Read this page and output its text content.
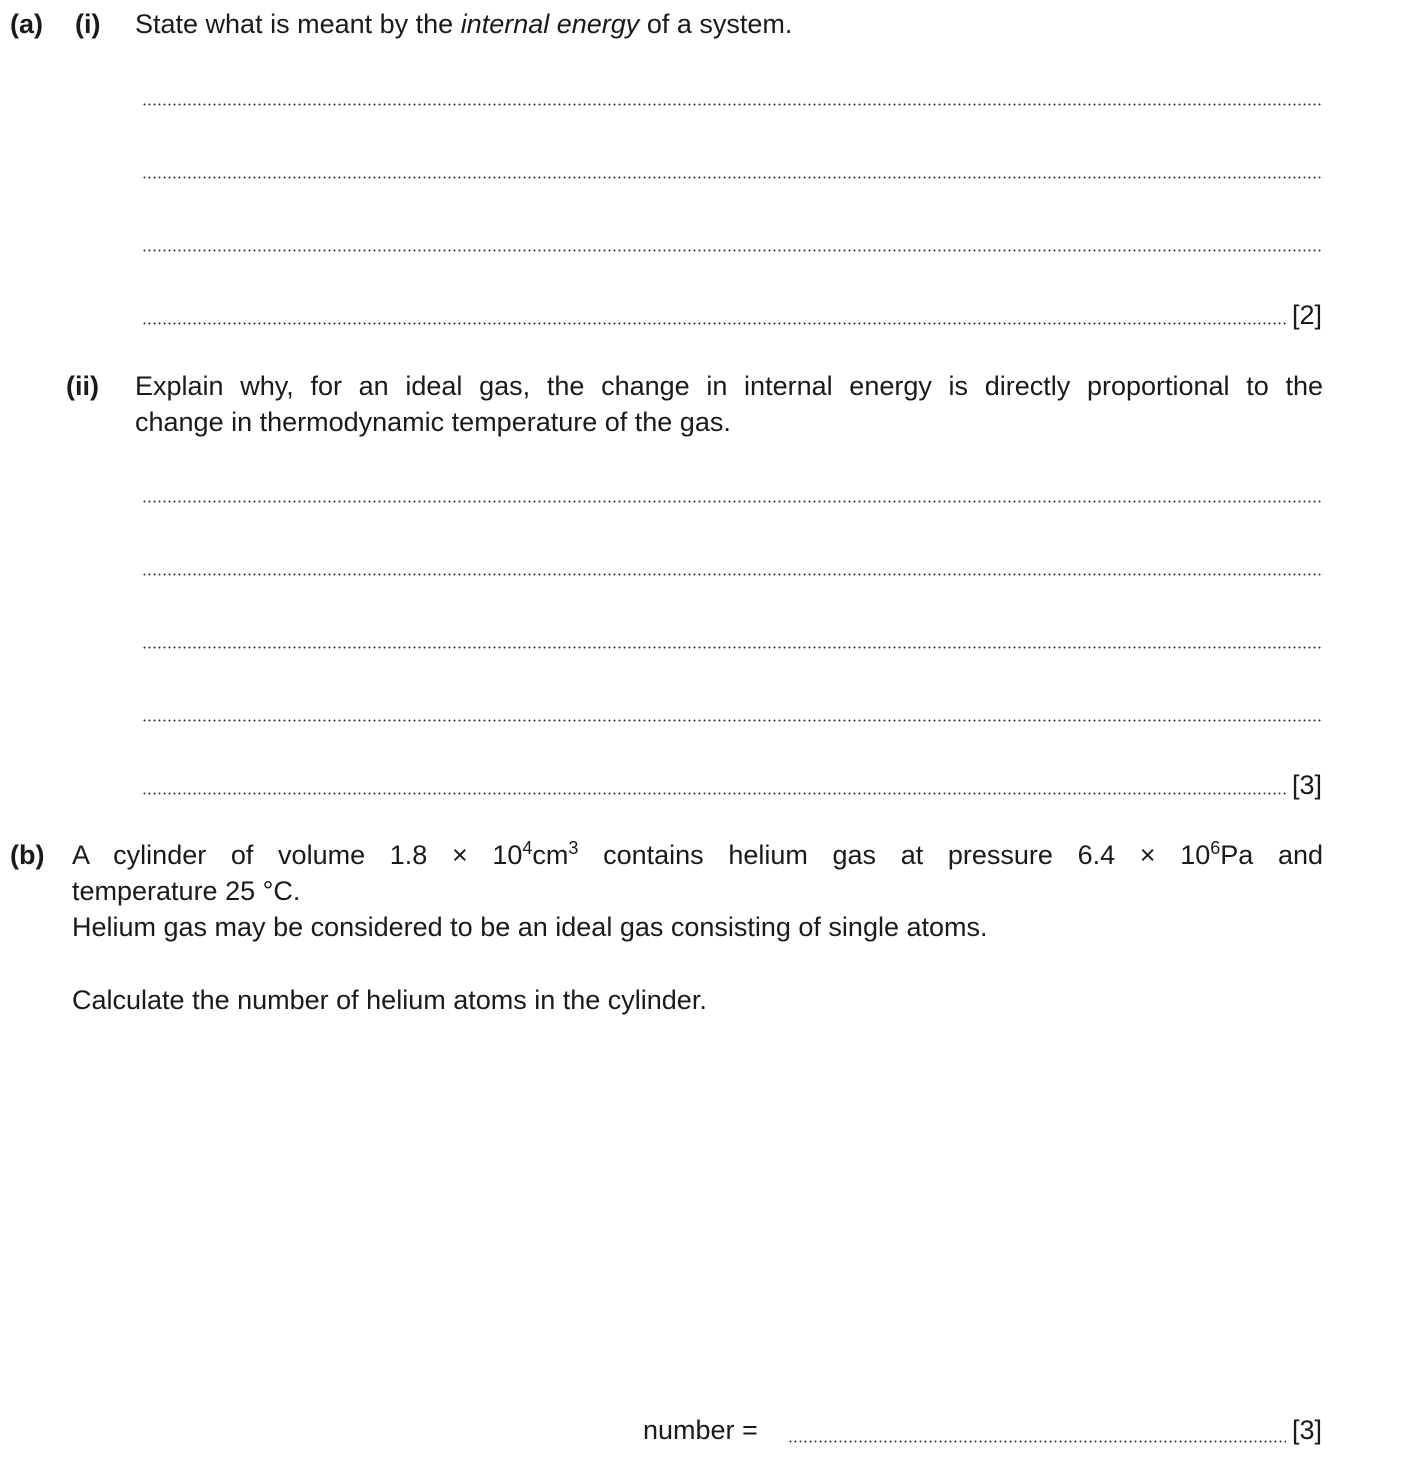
(a) (i) State what is meant by the internal energy of a system.
[2]
(ii) Explain why, for an ideal gas, the change in internal energy is directly proportional to the
change in thermodynamic temperature of the gas.
[3]
(b) A cylinder of volume $1.8 \times 10^4cm^3$ contains helium gas at pressure $6.4 \times 10^6Pa$ and
temperature 25 °C.
Helium gas may be considered to be an ideal gas consisting of single atoms.
Calculate the number of helium atoms in the cylinder.
number =	[3]
